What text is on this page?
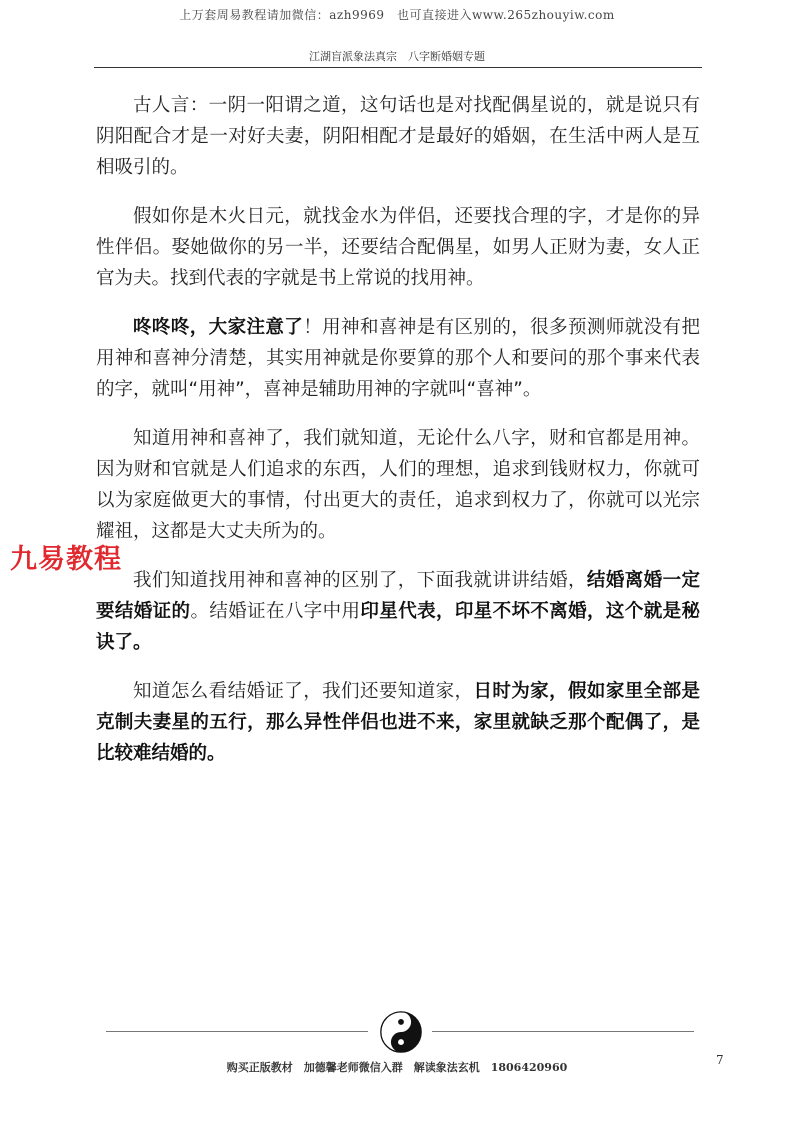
上万套周易教程请加微信：azh9969　也可直接进入www.265zhouyiw.com
江湖盲派象法真宗　八字断婚姻专题

古人言：一阴一阳谓之道，这句话也是对找配偶星说的，就是说只有阴阳配合才是一对好夫妻，阴阳相配才是最好的婚姻，在生活中两人是互相吸引的。

假如你是木火日元，就找金水为伴侣，还要找合理的字，才是你的异性伴侣。娶她做你的另一半，还要结合配偶星，如男人正财为妻，女人正官为夫。找到代表的字就是书上常说的找用神。

咚咚咚，大家注意了！用神和喜神是有区别的，很多预测师就没有把用神和喜神分清楚，其实用神就是你要算的那个人和要问的那个事来代表的字，就叫“用神”，喜神是辅助用神的字就叫“喜神”。

知道用神和喜神了，我们就知道，无论什么八字，财和官都是用神。因为财和官就是人们追求的东西，人们的理想，追求到钱财权力，你就可以为家庭做更大的事情，付出更大的责任，追求到权力了，你就可以光宗耀祖，这都是大丈夫所为的。

我们知道找用神和喜神的区别了，下面我就讲讲结婚，结婚离婚一定要结婚证的。结婚证在八字中用印星代表，印星不坏不离婚，这个就是秘诀了。

知道怎么看结婚证了，我们还要知道家，日时为家，假如家里全部是克制夫妻星的五行，那么异性伴侣也进不来，家里就缺乏那个配偶了，是比较难结婚的。

九易教程
购买正版教材　加德馨老师微信入群　解读象法玄机　1806420960
7
